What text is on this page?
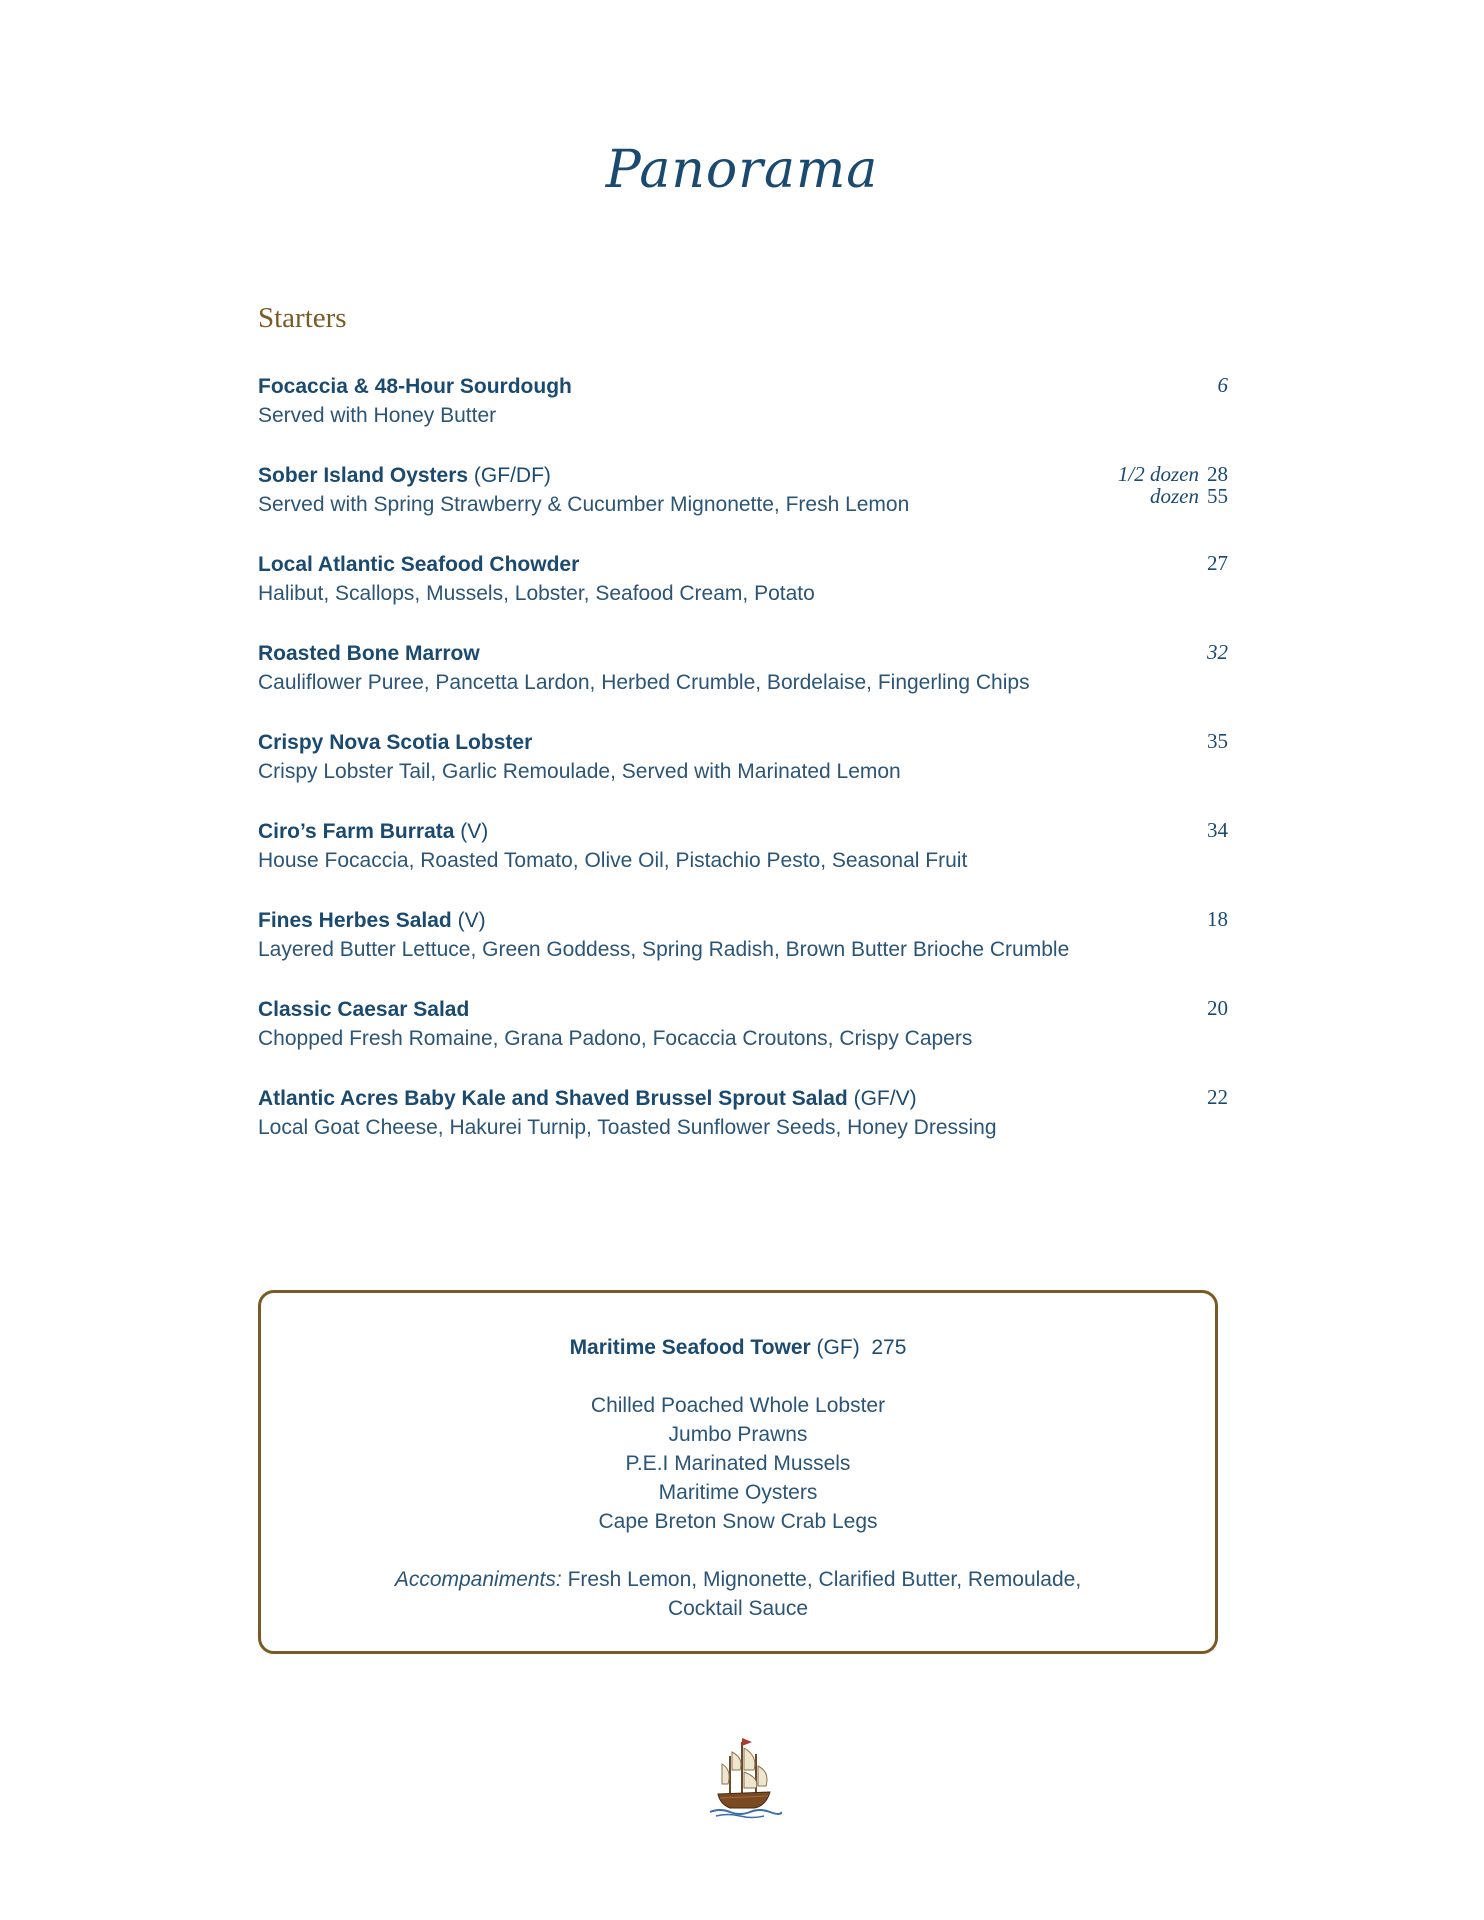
Panorama
Starters
Focaccia & 48-Hour Sourdough
Served with Honey Butter
6
Sober Island Oysters (GF/DF)
Served with Spring Strawberry & Cucumber Mignonette, Fresh Lemon
1/2 dozen 28
dozen 55
Local Atlantic Seafood Chowder
Halibut, Scallops, Mussels, Lobster, Seafood Cream, Potato
27
Roasted Bone Marrow
Cauliflower Puree, Pancetta Lardon, Herbed Crumble, Bordelaise, Fingerling Chips
32
Crispy Nova Scotia Lobster
Crispy Lobster Tail, Garlic Remoulade, Served with Marinated Lemon
35
Ciro’s Farm Burrata (V)
House Focaccia, Roasted Tomato, Olive Oil, Pistachio Pesto, Seasonal Fruit
34
Fines Herbes Salad (V)
Layered Butter Lettuce, Green Goddess, Spring Radish, Brown Butter Brioche Crumble
18
Classic Caesar Salad
Chopped Fresh Romaine, Grana Padono, Focaccia Croutons, Crispy Capers
20
Atlantic Acres Baby Kale and Shaved Brussel Sprout Salad (GF/V)
Local Goat Cheese, Hakurei Turnip, Toasted Sunflower Seeds, Honey Dressing
22
Maritime Seafood Tower (GF) 275
Chilled Poached Whole Lobster
Jumbo Prawns
P.E.I Marinated Mussels
Maritime Oysters
Cape Breton Snow Crab Legs
Accompaniments: Fresh Lemon, Mignonette, Clarified Butter, Remoulade, Cocktail Sauce
